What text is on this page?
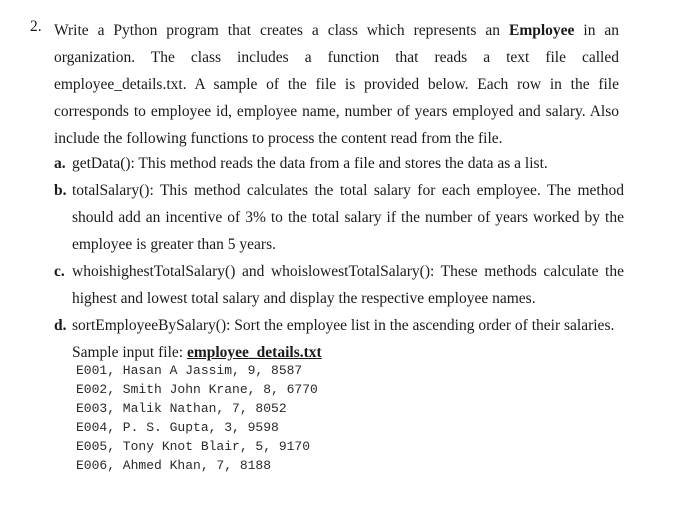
2. Write a Python program that creates a class which represents an Employee in an organization. The class includes a function that reads a text file called employee_details.txt. A sample of the file is provided below. Each row in the file corresponds to employee id, employee name, number of years employed and salary. Also include the following functions to process the content read from the file.
a. getData(): This method reads the data from a file and stores the data as a list.
b. totalSalary(): This method calculates the total salary for each employee. The method should add an incentive of 3% to the total salary if the number of years worked by the employee is greater than 5 years.
c. whoishighestTotalSalary() and whoislowestTotalSalary(): These methods calculate the highest and lowest total salary and display the respective employee names.
d. sortEmployeeBySalary(): Sort the employee list in the ascending order of their salaries.
Sample input file: employee_details.txt
E001, Hasan A Jassim, 9, 8587
E002, Smith John Krane, 8, 6770
E003, Malik Nathan, 7, 8052
E004, P. S. Gupta, 3, 9598
E005, Tony Knot Blair, 5, 9170
E006, Ahmed Khan, 7, 8188
